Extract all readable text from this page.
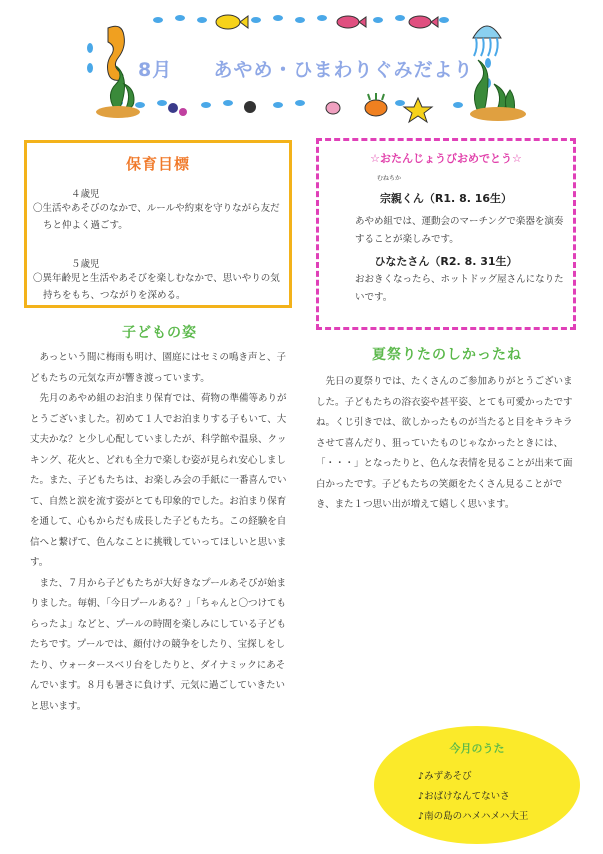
8月 あやめ・ひまわりぐみだより
保育目標
４歳児
〇生活やあそびのなかで、ルールや約束を守りながら友だちと仲よく過ごす。
５歳児
〇異年齢児と生活やあそびを楽しむなかで、思いやりの気持ちをもち、つながりを深める。
☆おたんじょうびおめでとう☆
むねちか
宗親くん（R1. 8. 16生）
あやめ組では、運動会のマーチングで楽器を演奏することが楽しみです。
ひなたさん（R2. 8. 31生）
おおきくなったら、ホットドッグ屋さんになりたいです。
子どもの姿

あっという間に梅雨も明け、園庭にはセミの鳴き声と、子どもたちの元気な声が響き渡っています。

先月のあやめ組のお泊まり保育では、荷物の準備等ありがとうございました。初めて１人でお泊まりする子もいて、大丈夫かな？と少し心配していましたが、科学館や温泉、クッキング、花火と、どれも全力で楽しむ姿が見られ安心しました。また、子どもたちは、お楽しみ会の手紙に一番喜んでいて、自然と涙を流す姿がとても印象的でした。お泊まり保育を通して、心もからだも成長した子どもたち。この経験を自信へと繋げて、色んなことに挑戦していってほしいと思います。

また、７月から子どもたちが大好きなプールあそびが始まりました。毎朝、「今日プールある？」「ちゃんと〇つけてもらったよ」などと、プールの時間を楽しみにしている子どもたちです。プールでは、顔付けの競争をしたり、宝探しをしたり、ウォータースベリ台をしたりと、ダイナミックにあそんでいます。８月も暑さに負けず、元気に過ごしていきたいと思います。

夏祭りたのしかったね

先日の夏祭りでは、たくさんのご参加ありがとうございました。子どもたちの浴衣姿や甚平姿、とても可愛かったですね。くじ引きでは、欲しかったものが当たると目をキラキラさせて喜んだり、狙っていたものじゃなかったときには、「・・・」となったりと、色んな表情を見ることが出来て面白かったです。子どもたちの笑顔をたくさん見ることができ、また１つ思い出が増えて嬉しく思います。

今月のうた
♪みずあそび
♪おばけなんてないさ
♪南の島のハメハメハ大王
